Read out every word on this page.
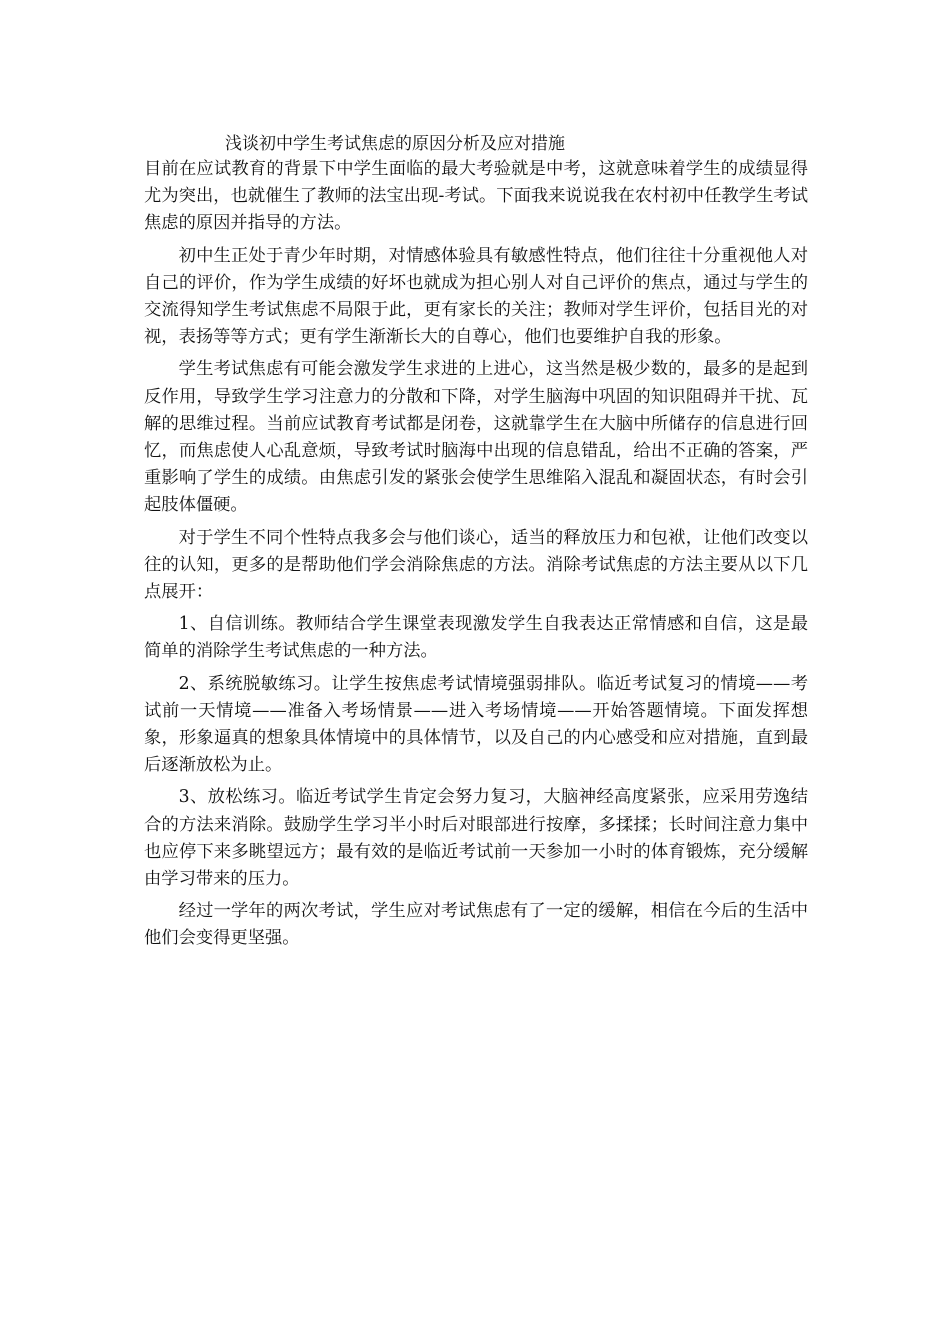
浅谈初中学生考试焦虑的原因分析及应对措施

目前在应试教育的背景下中学生面临的最大考验就是中考，这就意味着学生的成绩显得尤为突出，也就催生了教师的法宝出现-考试。下面我来说说我在农村初中任教学生考试焦虑的原因并指导的方法。

初中生正处于青少年时期，对情感体验具有敏感性特点，他们往往十分重视他人对自己的评价，作为学生成绩的好坏也就成为担心别人对自己评价的焦点，通过与学生的交流得知学生考试焦虑不局限于此，更有家长的关注；教师对学生评价，包括目光的对视，表扬等等方式；更有学生渐渐长大的自尊心，他们也要维护自我的形象。

学生考试焦虑有可能会激发学生求进的上进心，这当然是极少数的，最多的是起到反作用，导致学生学习注意力的分散和下降，对学生脑海中巩固的知识阻碍并干扰、瓦解的思维过程。当前应试教育考试都是闭卷，这就靠学生在大脑中所储存的信息进行回忆，而焦虑使人心乱意烦，导致考试时脑海中出现的信息错乱，给出不正确的答案，严重影响了学生的成绩。由焦虑引发的紧张会使学生思维陷入混乱和凝固状态，有时会引起肢体僵硬。

对于学生不同个性特点我多会与他们谈心，适当的释放压力和包袱，让他们改变以往的认知，更多的是帮助他们学会消除焦虑的方法。消除考试焦虑的方法主要从以下几点展开：

1、自信训练。教师结合学生课堂表现激发学生自我表达正常情感和自信，这是最简单的消除学生考试焦虑的一种方法。

2、系统脱敏练习。让学生按焦虑考试情境强弱排队。临近考试复习的情境——考试前一天情境——准备入考场情景——进入考场情境——开始答题情境。下面发挥想象，形象逼真的想象具体情境中的具体情节，以及自己的内心感受和应对措施，直到最后逐渐放松为止。

3、放松练习。临近考试学生肯定会努力复习，大脑神经高度紧张，应采用劳逸结合的方法来消除。鼓励学生学习半小时后对眼部进行按摩，多揉揉；长时间注意力集中也应停下来多眺望远方；最有效的是临近考试前一天参加一小时的体育锻炼，充分缓解由学习带来的压力。

经过一学年的两次考试，学生应对考试焦虑有了一定的缓解，相信在今后的生活中他们会变得更坚强。
